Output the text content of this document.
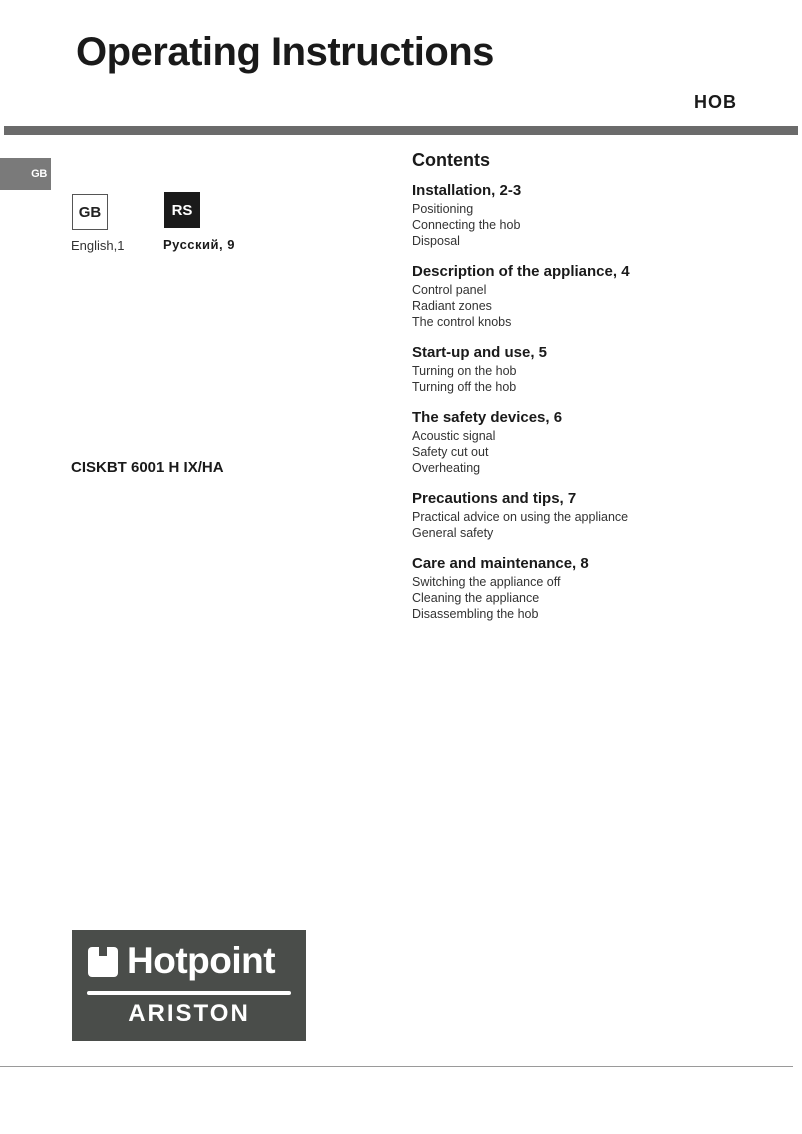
Operating Instructions
HOB
GB
GB	RS
English,1	Русский, 9
CISKBT 6001 H IX/HA
Contents
Installation, 2-3
Positioning
Connecting the hob
Disposal
Description of the appliance, 4
Control panel
Radiant zones
The control knobs
Start-up and use, 5
Turning on the hob
Turning off the hob
The safety devices, 6
Acoustic signal
Safety cut out
Overheating
Precautions and tips, 7
Practical advice on using the appliance
General safety
Care and maintenance, 8
Switching the appliance off
Cleaning the appliance
Disassembling the hob
Hotpoint
ARISTON
